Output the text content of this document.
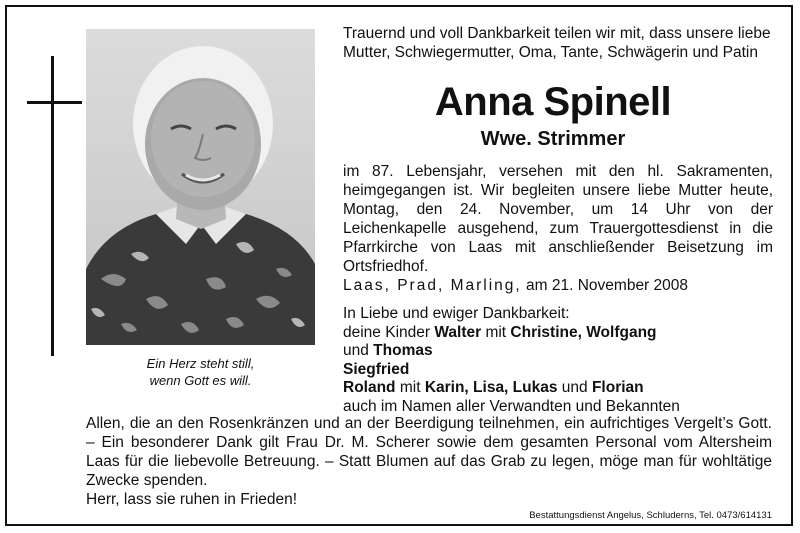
Ein Herz steht still,
wenn Gott es will.
Trauernd und voll Dankbarkeit teilen wir mit, dass unsere liebe Mutter, Schwiegermutter, Oma, Tante, Schwägerin und Patin
Anna Spinell
Wwe. Strimmer
im 87. Lebensjahr, versehen mit den hl. Sakramenten, heimgegangen ist. Wir begleiten unsere liebe Mutter heute, Montag, den 24. November, um 14 Uhr von der Leichenkapelle ausgehend, zum Trauergottesdienst in die Pfarrkirche von Laas mit anschließender Beisetzung im Ortsfriedhof.
Laas, Prad, Marling, am 21. November 2008
In Liebe und ewiger Dankbarkeit:
deine Kinder Walter mit Christine, Wolfgang
und Thomas
Siegfried
Roland mit Karin, Lisa, Lukas und Florian
auch im Namen aller Verwandten und Bekannten
Allen, die an den Rosenkränzen und an der Beerdigung teilnehmen, ein aufrichtiges Vergelt’s Gott. – Ein besonderer Dank gilt Frau Dr. M. Scherer sowie dem gesamten Personal vom Altersheim Laas für die liebevolle Betreuung. – Statt Blumen auf das Grab zu legen, möge man für wohltätige Zwecke spenden.
Herr, lass sie ruhen in Frieden!
Bestattungsdienst Angelus, Schluderns, Tel. 0473/614131
